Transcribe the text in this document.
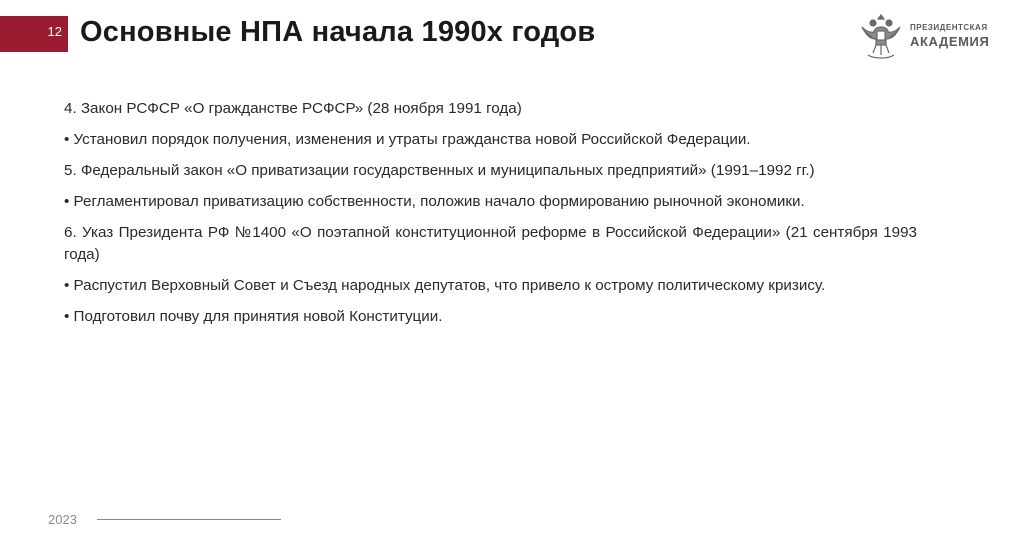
12 Основные НПА начала 1990х годов	ПРЕЗИДЕНТСКАЯ
АКАДЕМИЯ

4. Закон РСФСР «О гражданстве РСФСР» (28 ноября 1991 года)

• Установил порядок получения, изменения и утраты гражданства новой Российской Федерации.

5. Федеральный закон «О приватизации государственных и муниципальных предприятий» (1991–1992 гг.)

• Регламентировал приватизацию собственности, положив начало формированию рыночной экономики.

6. Указ Президента РФ №1400 «О поэтапной конституционной реформе в Российской Федерации» (21 сентября 1993 года)

• Распустил Верховный Совет и Съезд народных депутатов, что привело к острому политическому кризису.

• Подготовил почву для принятия новой Конституции.

2023
